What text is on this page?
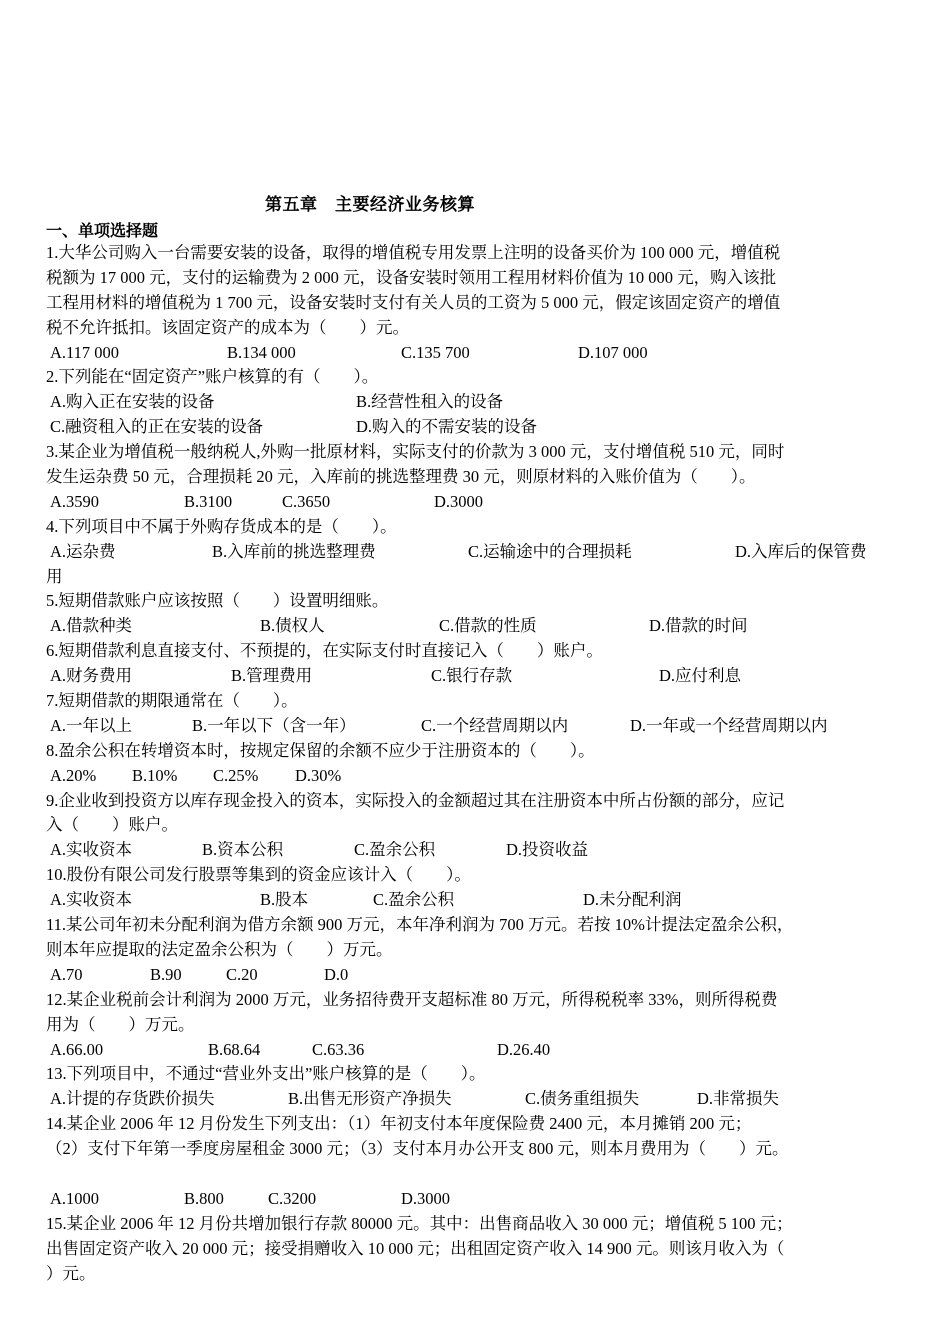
第五章　主要经济业务核算
一、单项选择题
1.大华公司购入一台需要安装的设备，取得的增值税专用发票上注明的设备买价为 100 000 元，增值税
税额为 17 000 元，支付的运输费为 2 000 元，设备安装时领用工程用材料价值为 10 000 元，购入该批
工程用材料的增值税为 1 700 元，设备安装时支付有关人员的工资为 5 000 元，假定该固定资产的增值
税不允许抵扣。该固定资产的成本为（　　）元。
A.117 000	B.134 000	C.135 700	D.107 000
2.下列能在“固定资产”账户核算的有（　　）。
A.购入正在安装的设备	B.经营性租入的设备
C.融资租入的正在安装的设备	D.购入的不需安装的设备
3.某企业为增值税一般纳税人,外购一批原材料，实际支付的价款为 3 000 元，支付增值税 510 元，同时
发生运杂费 50 元，合理损耗 20 元，入库前的挑选整理费 30 元，则原材料的入账价值为（　　）。
A.3590	B.3100	C.3650	D.3000
4.下列项目中不属于外购存货成本的是（　　）。
A.运杂费	B.入库前的挑选整理费	C.运输途中的合理损耗	D.入库后的保管费
用
5.短期借款账户应该按照（　　）设置明细账。
A.借款种类	B.债权人	C.借款的性质	D.借款的时间
6.短期借款利息直接支付、不预提的，在实际支付时直接记入（　　）账户。
A.财务费用	B.管理费用	C.银行存款	D.应付利息
7.短期借款的期限通常在（　　）。
A.一年以上	B.一年以下（含一年）	C.一个经营周期以内	D.一年或一个经营周期以内
8.盈余公积在转增资本时，按规定保留的余额不应少于注册资本的（　　）。
A.20% B.10% C.25% D.30%
9.企业收到投资方以库存现金投入的资本，实际投入的金额超过其在注册资本中所占份额的部分，应记
入（　　）账户。
A.实收资本	B.资本公积	C.盈余公积	D.投资收益
10.股份有限公司发行股票等集到的资金应该计入（　　）。
A.实收资本	B.股本	C.盈余公积	D.未分配利润
11.某公司年初未分配利润为借方余额 900 万元，本年净利润为 700 万元。若按 10%计提法定盈余公积，
则本年应提取的法定盈余公积为（　　）万元。
A.70	B.90	C.20	D.0
12.某企业税前会计利润为 2000 万元，业务招待费开支超标准 80 万元，所得税税率 33%，则所得税费
用为（　　）万元。
A.66.00	B.68.64	C.63.36	D.26.40
13.下列项目中，不通过“营业外支出”账户核算的是（　　）。
A.计提的存货跌价损失	B.出售无形资产净损失	C.债务重组损失	D.非常损失
14.某企业 2006 年 12 月份发生下列支出：（1）年初支付本年度保险费 2400 元，本月摊销 200 元；
（2）支付下年第一季度房屋租金 3000 元；（3）支付本月办公开支 800 元，则本月费用为（　　）元。
A.1000	B.800	C.3200	D.3000
15.某企业 2006 年 12 月份共增加银行存款 80000 元。其中：出售商品收入 30 000 元；增值税 5 100 元；
出售固定资产收入 20 000 元；接受捐赠收入 10 000 元；出租固定资产收入 14 900 元。则该月收入为（
）元。
